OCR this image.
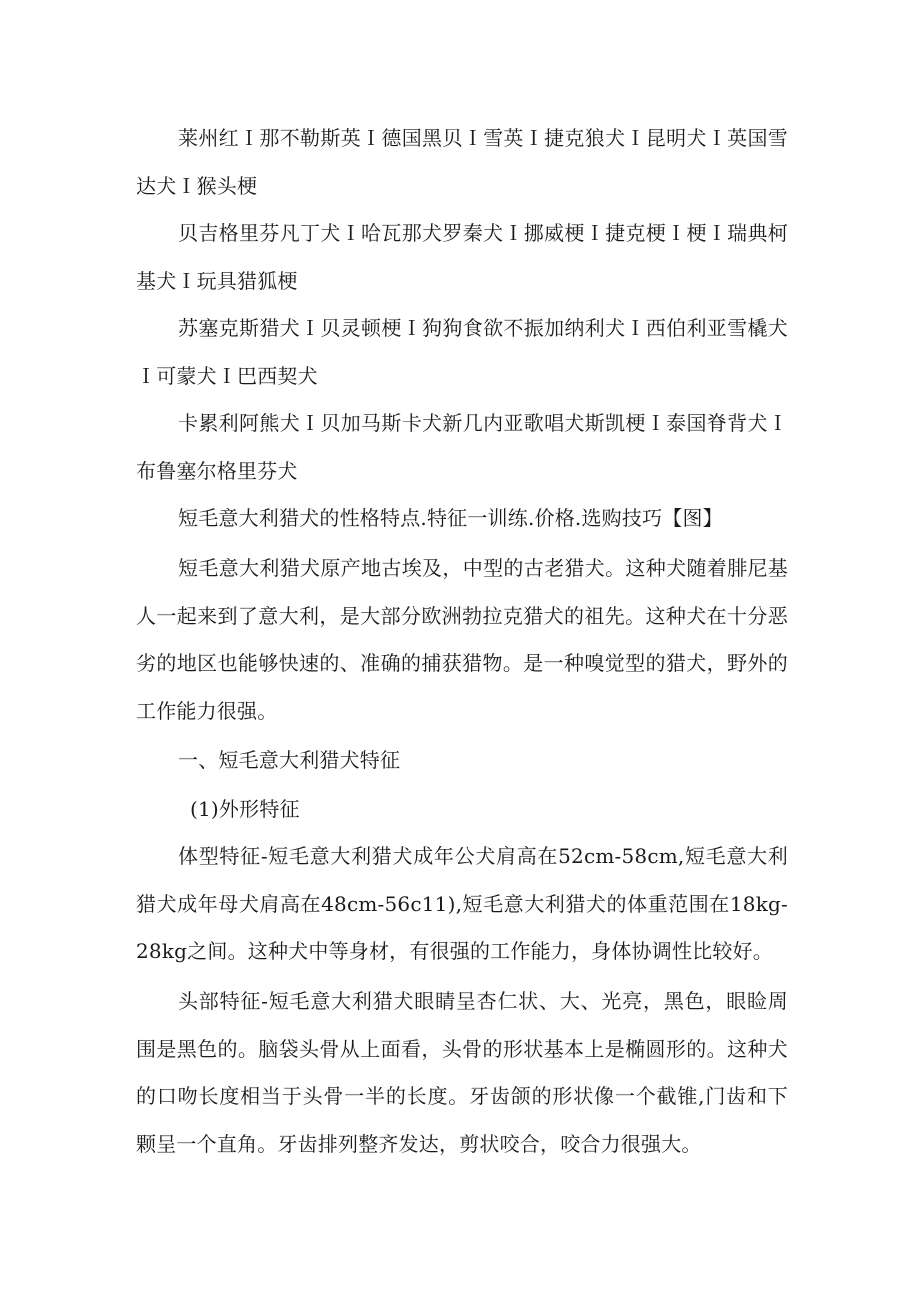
莱州红Ｉ那不勒斯英Ｉ德国黑贝Ｉ雪英Ｉ捷克狼犬Ｉ昆明犬Ｉ英国雪达犬Ｉ猴头梗

贝吉格里芬凡丁犬Ｉ哈瓦那犬罗秦犬Ｉ挪威梗Ｉ捷克梗Ｉ梗Ｉ瑞典柯基犬Ｉ玩具猎狐梗

苏塞克斯猎犬Ｉ贝灵顿梗Ｉ狗狗食欲不振加纳利犬Ｉ西伯利亚雪橇犬Ｉ可蒙犬Ｉ巴西契犬

卡累利阿熊犬Ｉ贝加马斯卡犬新几内亚歌唱犬斯凯梗Ｉ泰国脊背犬Ｉ布鲁塞尔格里芬犬

短毛意大利猎犬的性格特点.特征一训练.价格.选购技巧【图】

短毛意大利猎犬原产地古埃及，中型的古老猎犬。这种犬随着腓尼基人一起来到了意大利，是大部分欧洲勃拉克猎犬的祖先。这种犬在十分恶劣的地区也能够快速的、准确的捕获猎物。是一种嗅觉型的猎犬，野外的工作能力很强。

一、短毛意大利猎犬特征

(1)外形特征

体型特征-短毛意大利猎犬成年公犬肩高在52cm-58cm,短毛意大利猎犬成年母犬肩高在48cm-56c11),短毛意大利猎犬的体重范围在18kg-28kg之间。这种犬中等身材，有很强的工作能力，身体协调性比较好。

头部特征-短毛意大利猎犬眼睛呈杏仁状、大、光亮，黑色，眼睑周围是黑色的。脑袋头骨从上面看，头骨的形状基本上是椭圆形的。这种犬的口吻长度相当于头骨一半的长度。牙齿颌的形状像一个截锥,门齿和下颗呈一个直角。牙齿排列整齐发达，剪状咬合，咬合力很强大。
